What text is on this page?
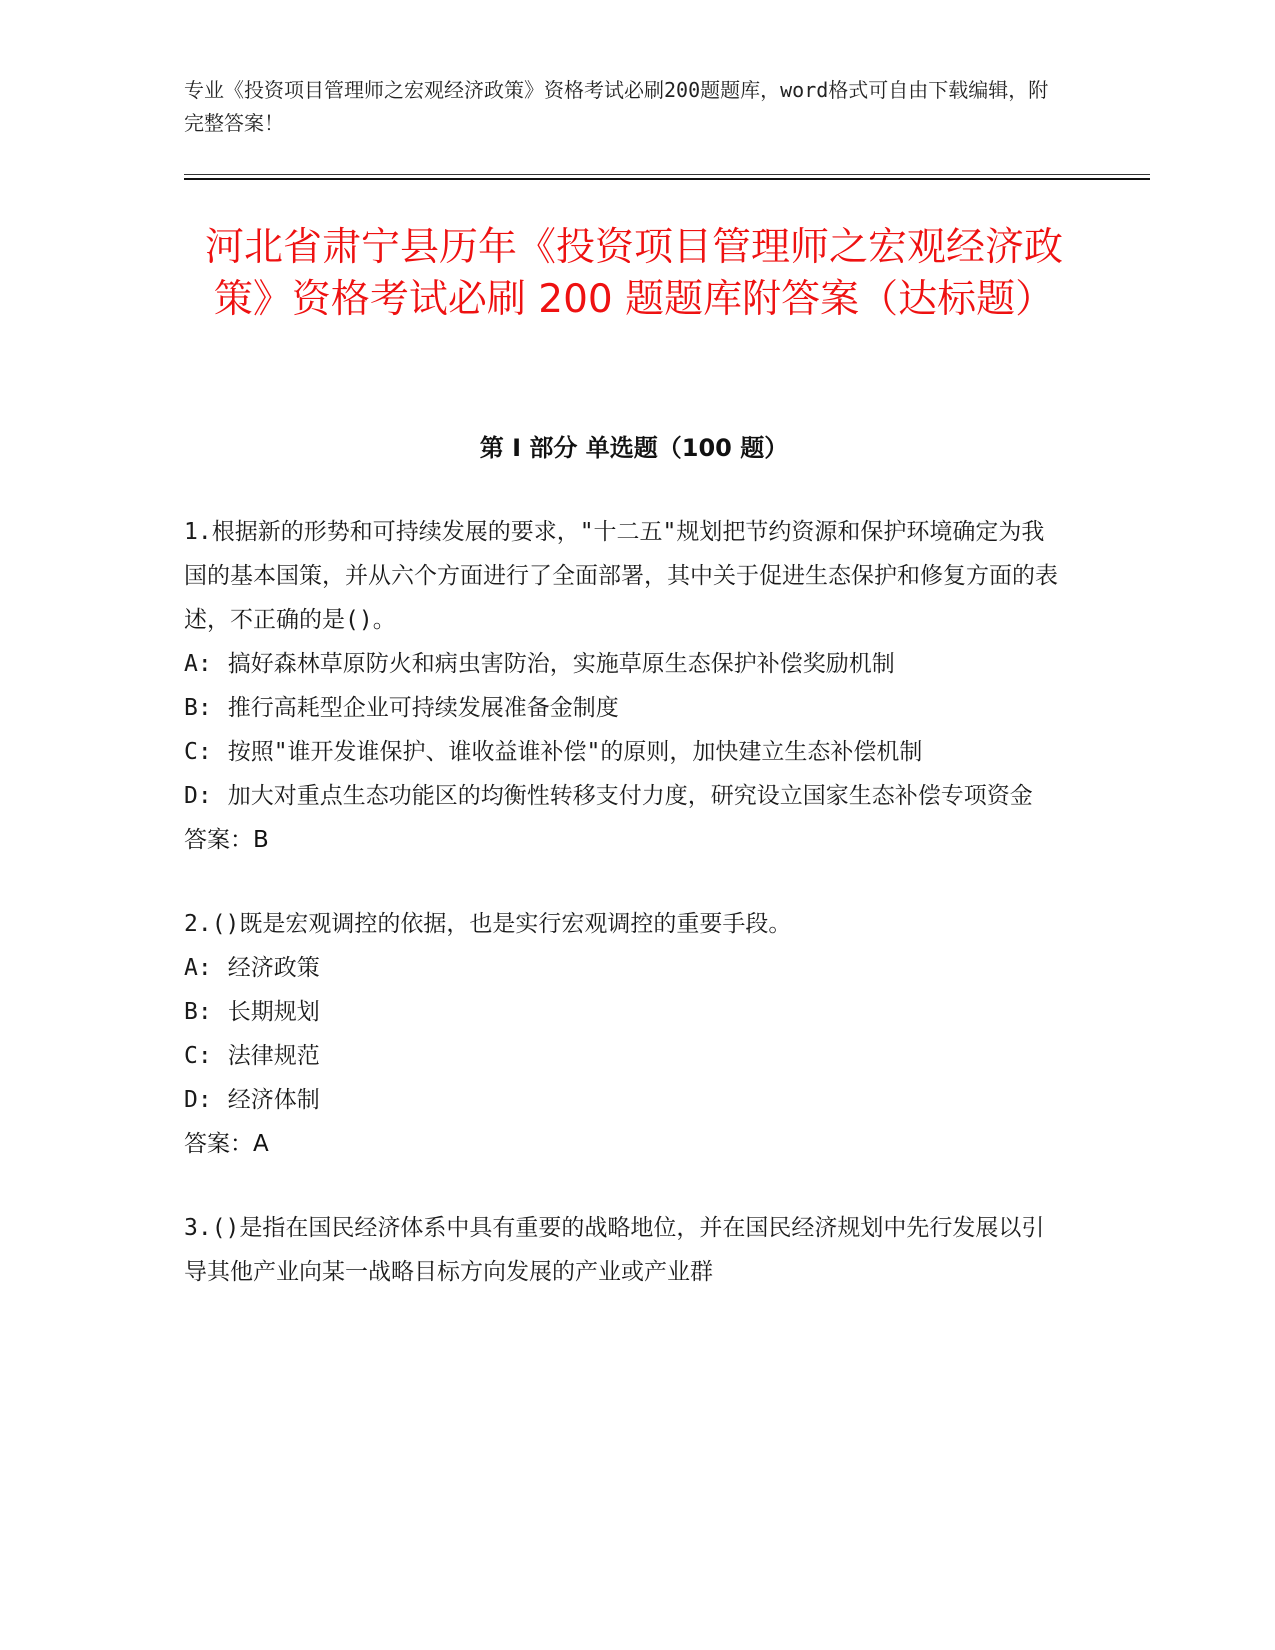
专业《投资项目管理师之宏观经济政策》资格考试必刷200题题库，word格式可自由下载编辑，附完整答案！
河北省肃宁县历年《投资项目管理师之宏观经济政策》资格考试必刷 200 题题库附答案（达标题）
第 I 部分 单选题（100 题）

1.根据新的形势和可持续发展的要求，"十二五"规划把节约资源和保护环境确定为我国的基本国策，并从六个方面进行了全面部署，其中关于促进生态保护和修复方面的表述，不正确的是()。

A: 搞好森林草原防火和病虫害防治，实施草原生态保护补偿奖励机制
B: 推行高耗型企业可持续发展准备金制度
C: 按照"谁开发谁保护、谁收益谁补偿"的原则，加快建立生态补偿机制
D: 加大对重点生态功能区的均衡性转移支付力度，研究设立国家生态补偿专项资金

答案：B

2.()既是宏观调控的依据，也是实行宏观调控的重要手段。

A: 经济政策
B: 长期规划
C: 法律规范
D: 经济体制

答案：A

3.()是指在国民经济体系中具有重要的战略地位，并在国民经济规划中先行发展以引导其他产业向某一战略目标方向发展的产业或产业群
